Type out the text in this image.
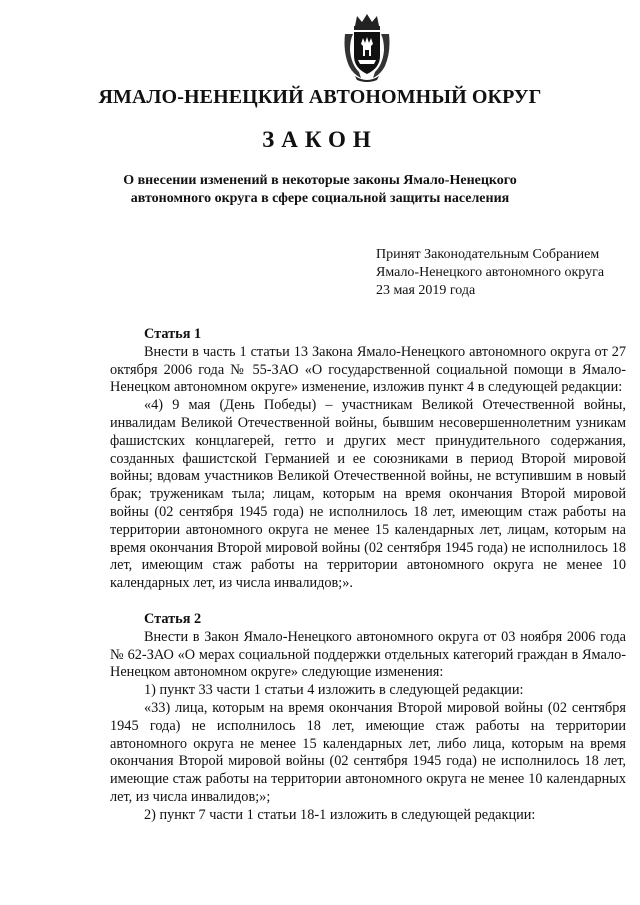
ЯМАЛО-НЕНЕЦКИЙ АВТОНОМНЫЙ ОКРУГ
ЗАКОН
О внесении изменений в некоторые законы Ямало-Ненецкого
автономного округа в сфере социальной защиты населения
Принят Законодательным Собранием
Ямало-Ненецкого автономного округа
23 мая 2019 года
Статья 1

Внести в часть 1 статьи 13 Закона Ямало-Ненецкого автономного округа от 27 октября 2006 года № 55-ЗАО «О государственной социальной помощи в Ямало-Ненецком автономном округе» изменение, изложив пункт 4 в следующей редакции:

«4) 9 мая (День Победы) – участникам Великой Отечественной войны, инвалидам Великой Отечественной войны, бывшим несовершеннолетним узникам фашистских концлагерей, гетто и других мест принудительного содержания, созданных фашистской Германией и ее союзниками в период Второй мировой войны; вдовам участников Великой Отечественной войны, не вступившим в новый брак; труженикам тыла; лицам, которым на время окончания Второй мировой войны (02 сентября 1945 года) не исполнилось 18 лет, имеющим стаж работы на территории автономного округа не менее 15 календарных лет, лицам, которым на время окончания Второй мировой войны (02 сентября 1945 года) не исполнилось 18 лет, имеющим стаж работы на территории автономного округа не менее 10 календарных лет, из числа инвалидов;».

Статья 2

Внести в Закон Ямало-Ненецкого автономного округа от 03 ноября 2006 года № 62-ЗАО «О мерах социальной поддержки отдельных категорий граждан в Ямало-Ненецком автономном округе» следующие изменения:

1) пункт 33 части 1 статьи 4 изложить в следующей редакции:

«33) лица, которым на время окончания Второй мировой войны (02 сентября 1945 года) не исполнилось 18 лет, имеющие стаж работы на территории автономного округа не менее 15 календарных лет, либо лица, которым на время окончания Второй мировой войны (02 сентября 1945 года) не исполнилось 18 лет, имеющие стаж работы на территории автономного округа не менее 10 календарных лет, из числа инвалидов;»;

2) пункт 7 части 1 статьи 18-1 изложить в следующей редакции:
